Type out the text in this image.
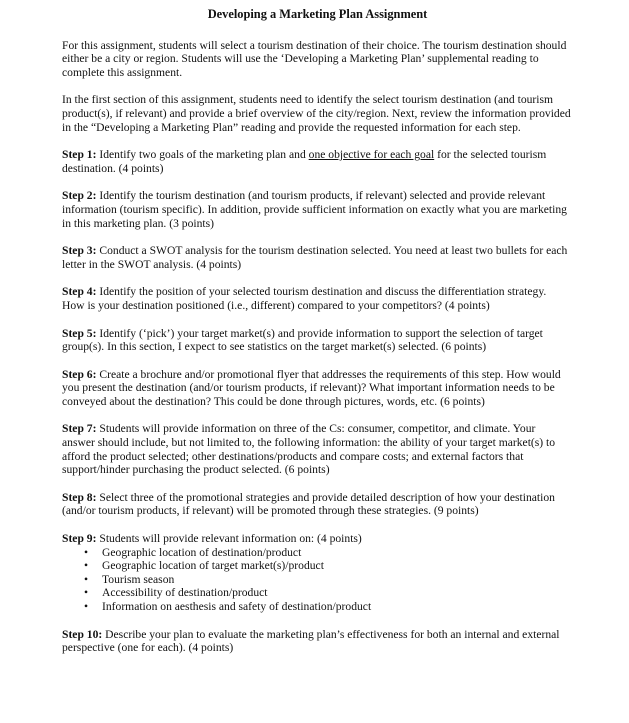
Developing a Marketing Plan Assignment

For this assignment, students will select a tourism destination of their choice. The tourism destination should either be a city or region. Students will use the ‘Developing a Marketing Plan’ supplemental reading to complete this assignment.

In the first section of this assignment, students need to identify the select tourism destination (and tourism product(s), if relevant) and provide a brief overview of the city/region. Next, review the information provided in the “Developing a Marketing Plan” reading and provide the requested information for each step.

Step 1: Identify two goals of the marketing plan and one objective for each goal for the selected tourism destination. (4 points)
Step 2: Identify the tourism destination (and tourism products, if relevant) selected and provide relevant information (tourism specific). In addition, provide sufficient information on exactly what you are marketing in this marketing plan. (3 points)
Step 3: Conduct a SWOT analysis for the tourism destination selected. You need at least two bullets for each letter in the SWOT analysis. (4 points)
Step 4: Identify the position of your selected tourism destination and discuss the differentiation strategy. How is your destination positioned (i.e., different) compared to your competitors? (4 points)
Step 5: Identify (‘pick’) your target market(s) and provide information to support the selection of target group(s). In this section, I expect to see statistics on the target market(s) selected. (6 points)
Step 6: Create a brochure and/or promotional flyer that addresses the requirements of this step. How would you present the destination (and/or tourism products, if relevant)? What important information needs to be conveyed about the destination? This could be done through pictures, words, etc. (6 points)
Step 7: Students will provide information on three of the Cs: consumer, competitor, and climate. Your answer should include, but not limited to, the following information: the ability of your target market(s) to afford the product selected; other destinations/products and compare costs; and external factors that support/hinder purchasing the product selected. (6 points)
Step 8: Select three of the promotional strategies and provide detailed description of how your destination (and/or tourism products, if relevant) will be promoted through these strategies. (9 points)
Step 9: Students will provide relevant information on: (4 points)
• Geographic location of destination/product
• Geographic location of target market(s)/product
• Tourism season
• Accessibility of destination/product
• Information on aesthesis and safety of destination/product
Step 10: Describe your plan to evaluate the marketing plan’s effectiveness for both an internal and external perspective (one for each). (4 points)
